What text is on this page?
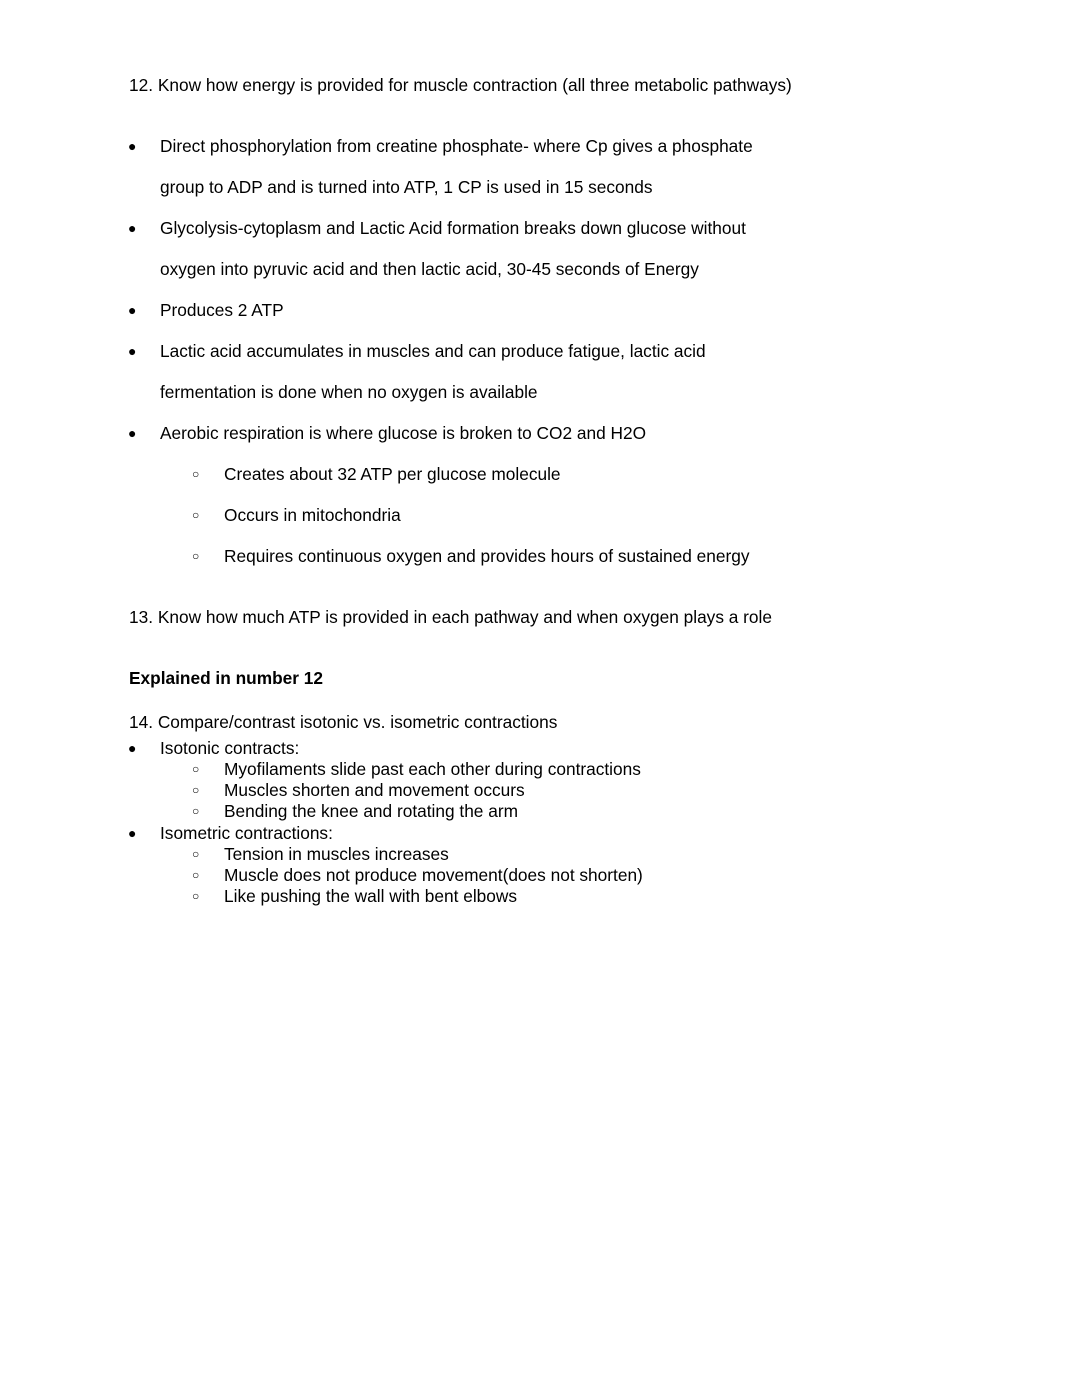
12. Know how energy is provided for muscle contraction (all three metabolic pathways)
● Direct phosphorylation from creatine phosphate- where Cp gives a phosphate
group to ADP and is turned into ATP, 1 CP is used in 15 seconds
● Glycolysis-cytoplasm and Lactic Acid formation breaks down glucose without
oxygen into pyruvic acid and then lactic acid, 30-45 seconds of Energy
● Produces 2 ATP
● Lactic acid accumulates in muscles and can produce fatigue, lactic acid
fermentation is done when no oxygen is available
● Aerobic respiration is where glucose is broken to CO2 and H2O
○ Creates about 32 ATP per glucose molecule
○ Occurs in mitochondria
○ Requires continuous oxygen and provides hours of sustained energy
13. Know how much ATP is provided in each pathway and when oxygen plays a role
Explained in number 12
14. Compare/contrast isotonic vs. isometric contractions
● Isotonic contracts:
○ Myofilaments slide past each other during contractions
○ Muscles shorten and movement occurs
○ Bending the knee and rotating the arm
● Isometric contractions:
○ Tension in muscles increases
○ Muscle does not produce movement(does not shorten)
○ Like pushing the wall with bent elbows
